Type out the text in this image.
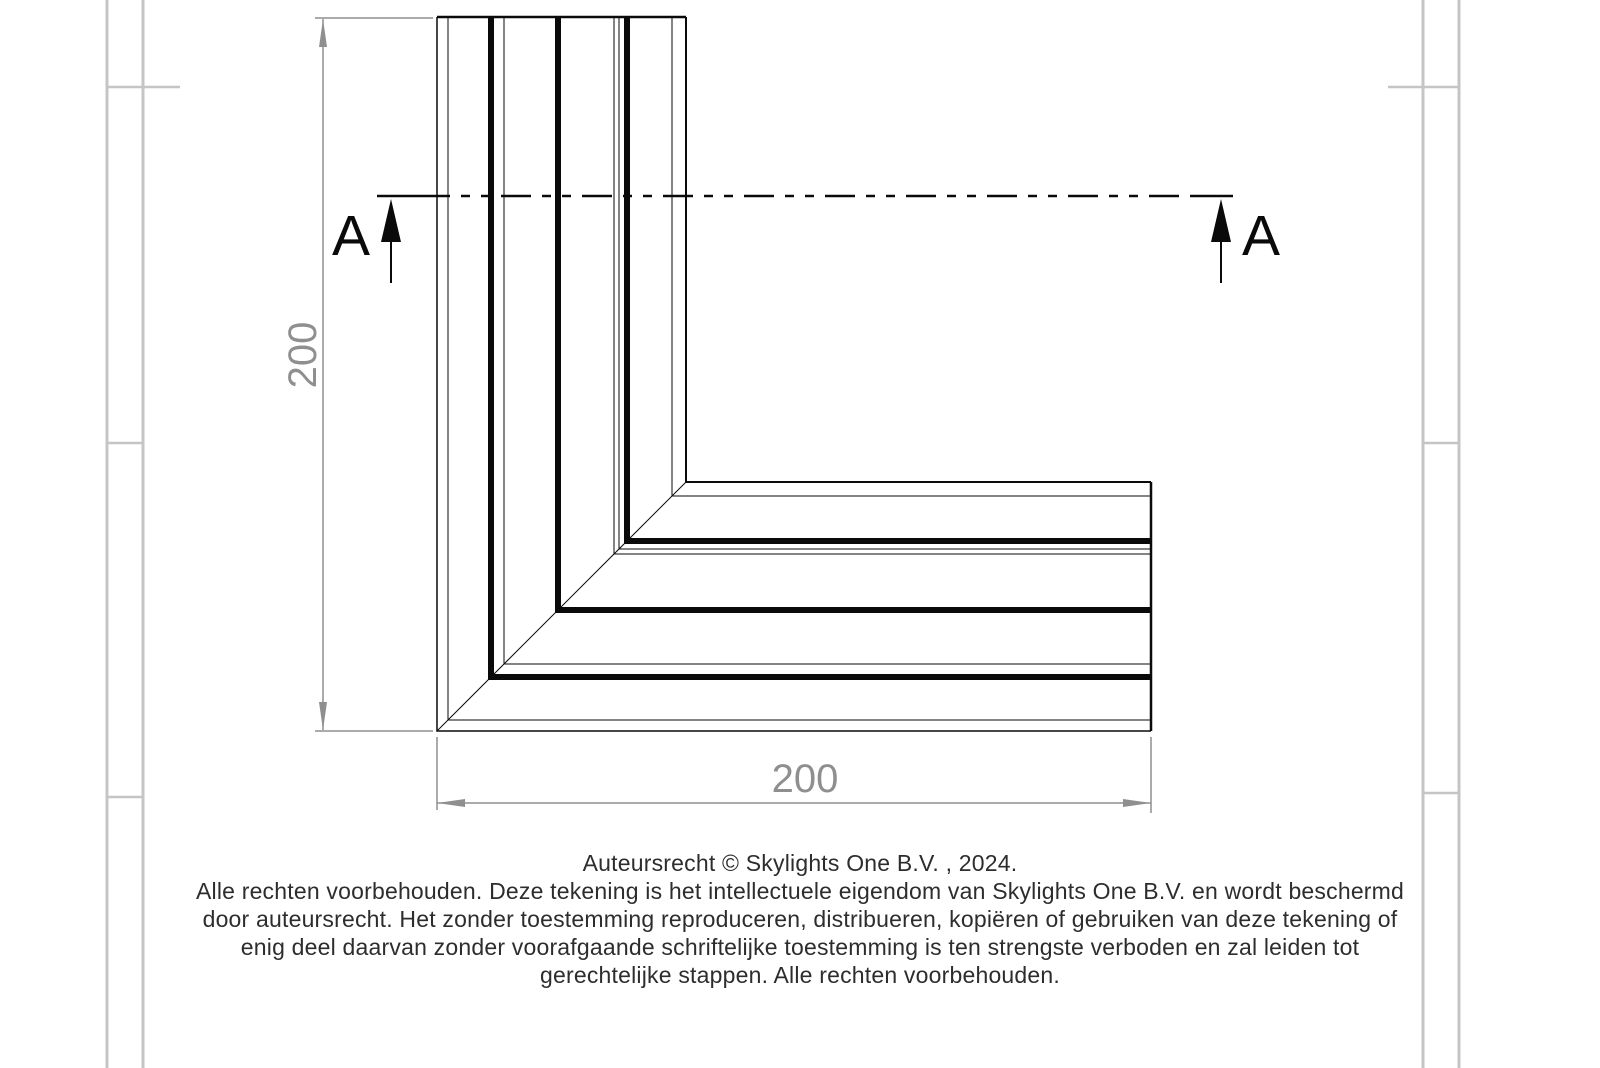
A	A
200
200
Auteursrecht © Skylights One B.V. , 2024.
Alle rechten voorbehouden. Deze tekening is het intellectuele eigendom van Skylights One B.V. en wordt beschermd
door auteursrecht. Het zonder toestemming reproduceren, distribueren, kopiëren of gebruiken van deze tekening of
enig deel daarvan zonder voorafgaande schriftelijke toestemming is ten strengste verboden en zal leiden tot
gerechtelijke stappen. Alle rechten voorbehouden.
